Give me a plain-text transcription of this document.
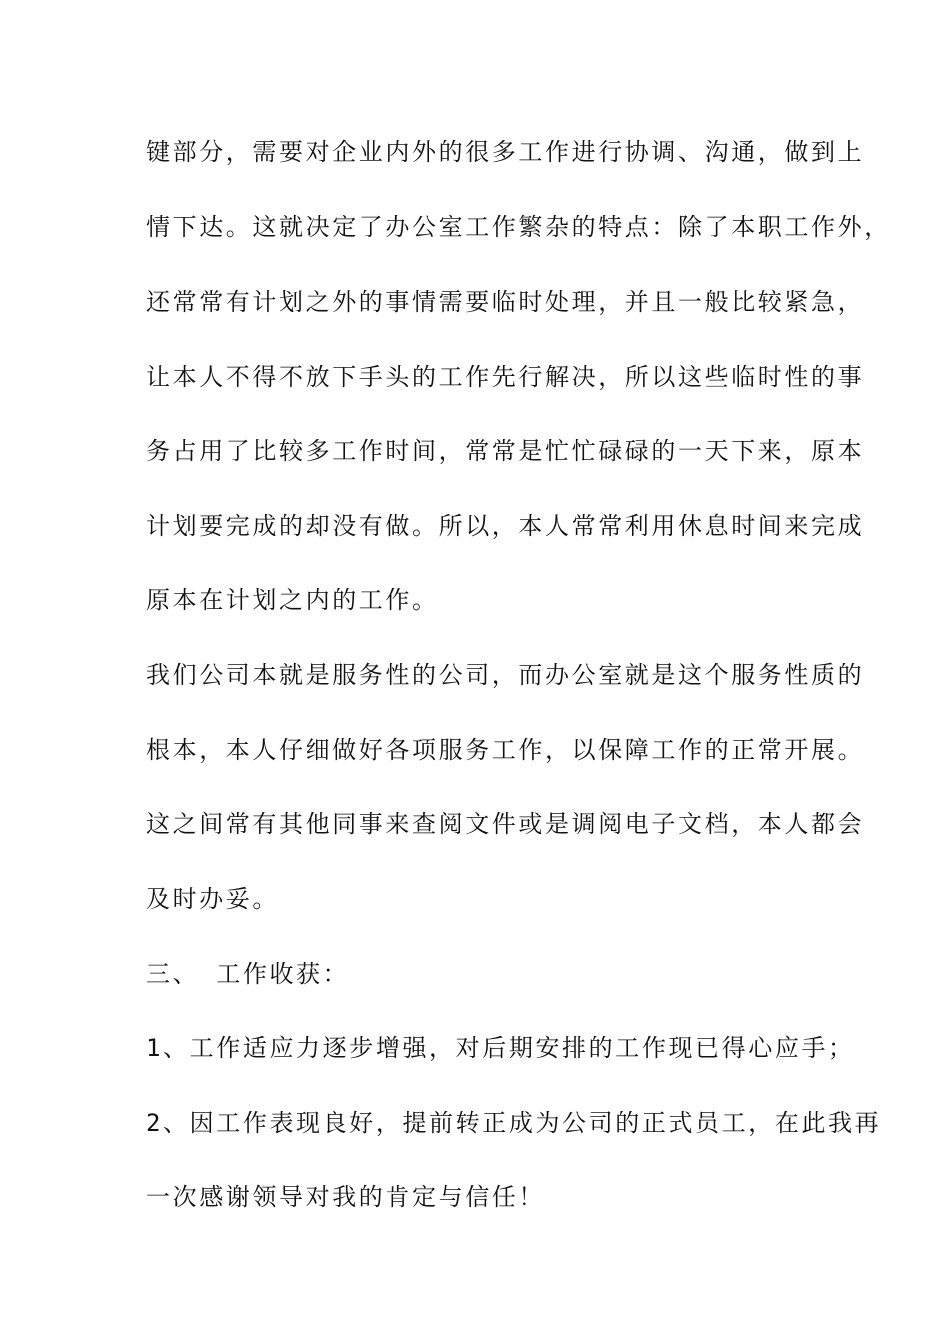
键部分，需要对企业内外的很多工作进行协调、沟通，做到上
情下达。这就决定了办公室工作繁杂的特点：除了本职工作外，
还常常有计划之外的事情需要临时处理，并且一般比较紧急，
让本人不得不放下手头的工作先行解决，所以这些临时性的事
务占用了比较多工作时间，常常是忙忙碌碌的一天下来，原本
计划要完成的却没有做。所以，本人常常利用休息时间来完成
原本在计划之内的工作。
我们公司本就是服务性的公司，而办公室就是这个服务性质的
根本，本人仔细做好各项服务工作，以保障工作的正常开展。
这之间常有其他同事来查阅文件或是调阅电子文档，本人都会
及时办妥。
三、 工作收获：
1、工作适应力逐步增强，对后期安排的工作现已得心应手；
2、因工作表现良好，提前转正成为公司的正式员工，在此我再
一次感谢领导对我的肯定与信任！
